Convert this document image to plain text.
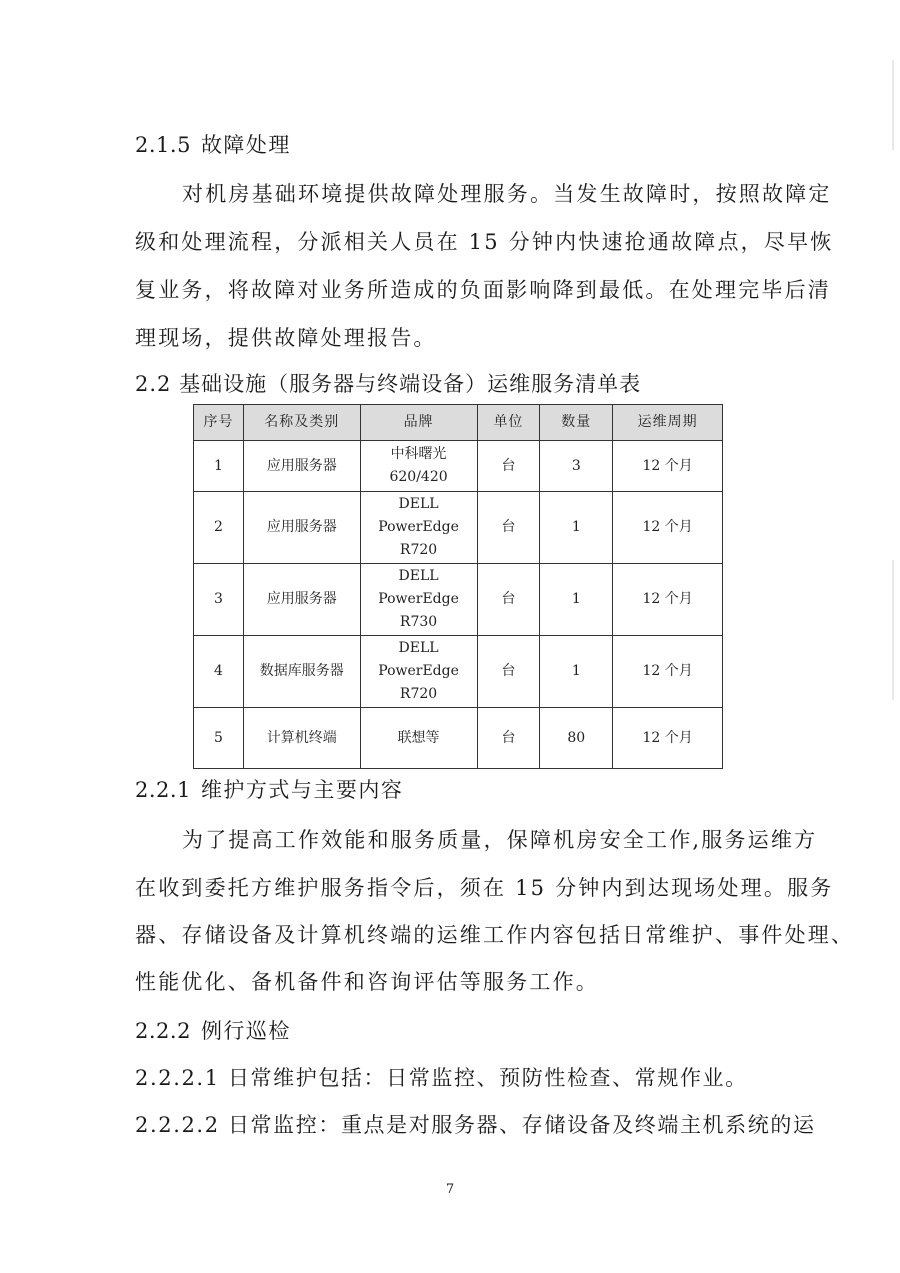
2.1.5 故障处理
对机房基础环境提供故障处理服务。当发生故障时，按照故障定
级和处理流程，分派相关人员在 15 分钟内快速抢通故障点，尽早恢
复业务，将故障对业务所造成的负面影响降到最低。在处理完毕后清
理现场，提供故障处理报告。
2.2 基础设施（服务器与终端设备）运维服务清单表
序号	名称及类别	品牌	单位	数量	运维周期
1	应用服务器	中科曙光
620/420	台	3	12 个月
2	应用服务器	DELL
PowerEdge
R720	台	1	12 个月
3	应用服务器	DELL
PowerEdge
R730	台	1	12 个月
4	数据库服务器	DELL
PowerEdge
R720	台	1	12 个月
5	计算机终端	联想等	台	80	12 个月
2.2.1 维护方式与主要内容
为了提高工作效能和服务质量，保障机房安全工作,服务运维方
在收到委托方维护服务指令后，须在 15 分钟内到达现场处理。服务
器、存储设备及计算机终端的运维工作内容包括日常维护、事件处理、
性能优化、备机备件和咨询评估等服务工作。
2.2.2 例行巡检
2.2.2.1 日常维护包括：日常监控、预防性检查、常规作业。
2.2.2.2 日常监控：重点是对服务器、存储设备及终端主机系统的运
7
